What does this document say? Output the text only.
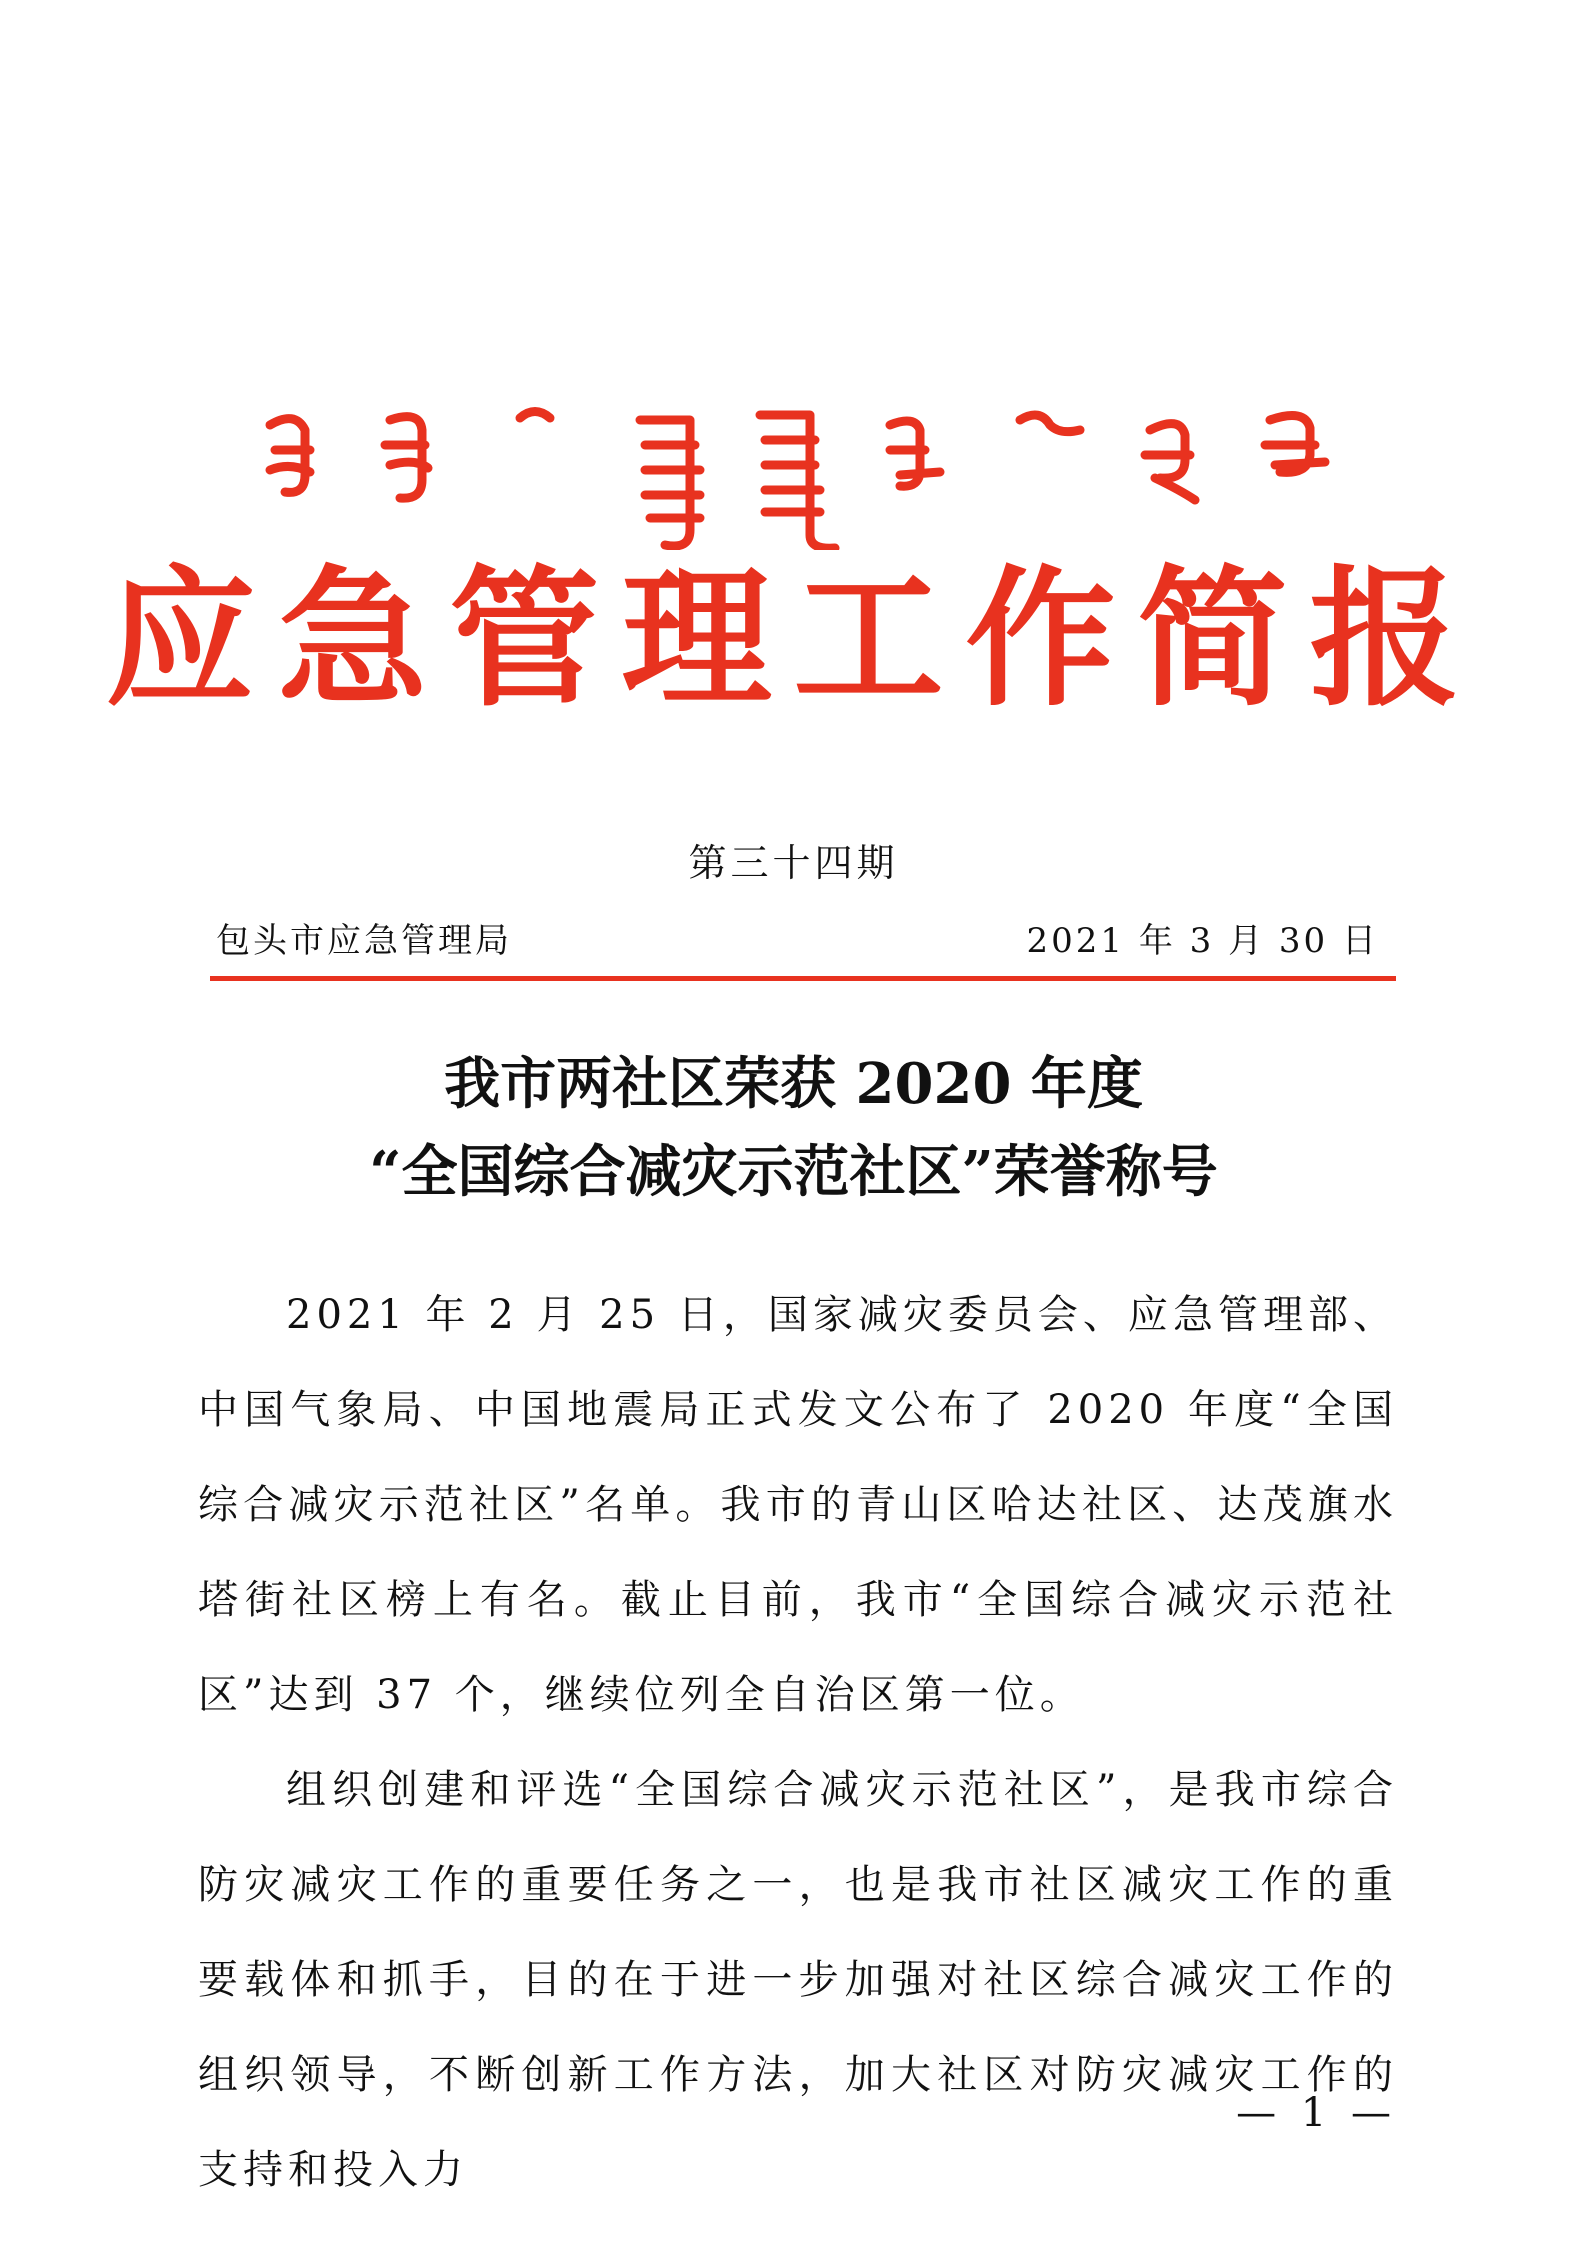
应急管理工作简报
第三十四期
包头市应急管理局	2021 年 3 月 30 日
我市两社区荣获 2020 年度
“全国综合减灾示范社区”荣誉称号

2021 年 2 月 25 日，国家减灾委员会、应急管理部、中国气象局、中国地震局正式发文公布了 2020 年度“全国综合减灾示范社区”名单。我市的青山区哈达社区、达茂旗水塔街社区榜上有名。截止目前，我市“全国综合减灾示范社区”达到 37 个，继续位列全自治区第一位。

组织创建和评选“全国综合减灾示范社区”，是我市综合防灾减灾工作的重要任务之一，也是我市社区减灾工作的重要载体和抓手，目的在于进一步加强对社区综合减灾工作的组织领导，不断创新工作方法，加大社区对防灾减灾工作的支持和投入力

— 1 —
